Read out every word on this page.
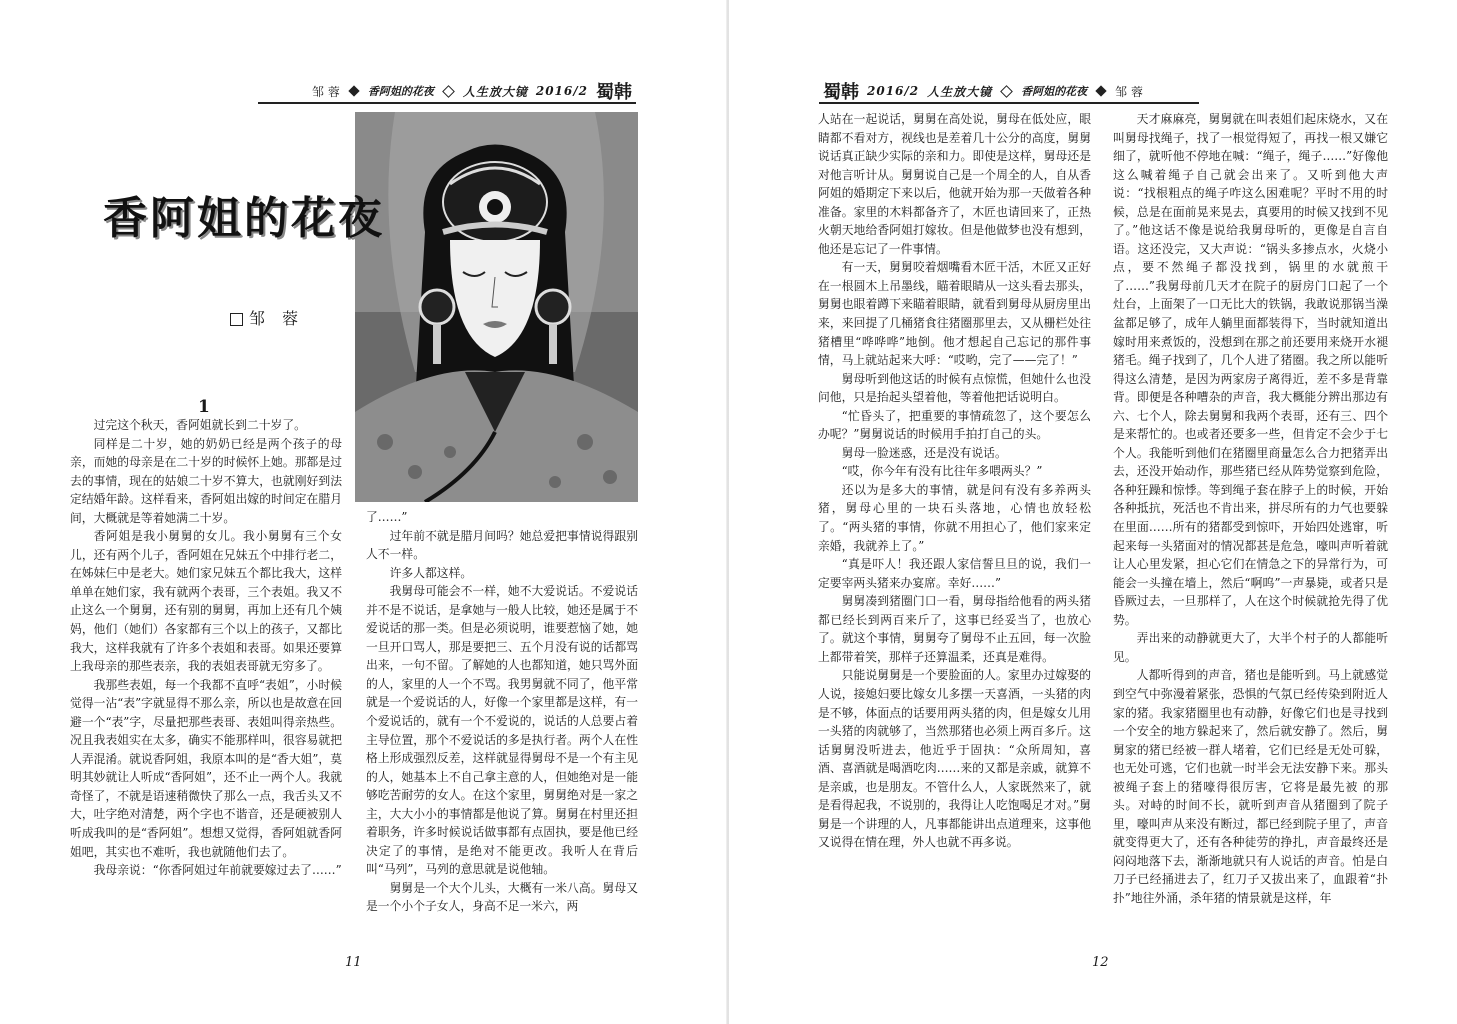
邹 蓉	香阿姐的花夜 人生放大镜 2016/2 蜀韩
香阿姐的花夜
邹 蓉
1

过完这个秋天，香阿姐就长到二十岁了。

同样是二十岁，她的奶奶已经是两个孩子的母亲，而她的母亲是在二十岁的时候怀上她。那都是过去的事情，现在的姑娘二十岁不算大，也就刚好到法定结婚年龄。这样看来，香阿姐出嫁的时间定在腊月间，大概就是等着她满二十岁。

香阿姐是我小舅舅的女儿。我小舅舅有三个女儿，还有两个儿子，香阿姐在兄妹五个中排行老二，在姊妹仨中是老大。她们家兄妹五个都比我大，这样单单在她们家，我有就两个表哥，三个表姐。我又不止这么一个舅舅，还有别的舅舅，再加上还有几个姨妈，他们（她们）各家都有三个以上的孩子，又都比我大，这样我就有了许多个表姐和表哥。如果还要算上我母亲的那些表亲，我的表姐表哥就无穷多了。

我那些表姐，每一个我都不直呼“表姐”，小时候觉得一沾“表”字就显得不那么亲，所以也是故意在回避一个“表”字，尽量把那些表哥、表姐叫得亲热些。况且我表姐实在太多，确实不能那样叫，很容易就把人弄混淆。就说香阿姐，我原本叫的是“香大姐”，莫明其妙就让人听成“香阿姐”，还不止一两个人。我就奇怪了，不就是语速稍微快了那么一点，我舌头又不大，吐字绝对清楚，两个字也不谐音，还是硬被别人听成我叫的是“香阿姐”。想想又觉得，香阿姐就香阿姐吧，其实也不难听，我也就随他们去了。

我母亲说：“你香阿姐过年前就要嫁过去了……”

了……”

过年前不就是腊月间吗？她总爱把事情说得跟别人不一样。

许多人都这样。

我舅母可能会不一样，她不大爱说话。不爱说话并不是不说话，是拿她与一般人比较，她还是属于不爱说话的那一类。但是必须说明，谁要惹恼了她，她一旦开口骂人，那是要把三、五个月没有说的话都骂出来，一句不留。了解她的人也都知道，她只骂外面的人，家里的人一个不骂。我男舅就不同了，他平常就是一个爱说话的人，好像一个家里都是这样，有一个爱说话的，就有一个不爱说的，说话的人总要占着主导位置，那个不爱说话的多是执行者。两个人在性格上形成强烈反差，这样就显得舅母不是一个有主见的人，她基本上不自己拿主意的人，但她绝对是一能够吃苦耐劳的女人。在这个家里，舅舅绝对是一家之主，大大小小的事情都是他说了算。舅舅在村里还担着职务，许多时候说话做事都有点固执，要是他已经决定了的事情，是绝对不能更改。我听人在背后叫“马列”，马列的意思就是说他轴。

舅舅是一个大个儿头，大概有一米八高。舅母又是一个小个子女人，身高不足一米六，两

11
蜀韩 2016/2 人生放大镜	香阿姐的花夜 邹 蓉

人站在一起说话，舅舅在高处说，舅母在低处应，眼睛都不看对方，视线也是差着几十公分的高度，舅舅说话真正缺少实际的亲和力。即使是这样，舅母还是对他言听计从。舅舅说自己是一个周全的人，自从香阿姐的婚期定下来以后，他就开始为那一天做着各种准备。家里的木料都备齐了，木匠也请回来了，正热火朝天地给香阿姐打嫁妆。但是他做梦也没有想到，他还是忘记了一件事情。

有一天，舅舅咬着烟嘴看木匠干活，木匠又正好在一根圆木上吊墨线，瞄着眼睛从一这头看去那头，舅舅也眼着蹲下来瞄着眼睛，就看到舅母从厨房里出来，来回提了几桶猪食往猪圈那里去，又从栅栏处往猪槽里“哗哗哗”地倒。他才想起自己忘记的那件事情，马上就站起来大呼：“哎哟，完了——完了！”

舅母听到他这话的时候有点惊慌，但她什么也没问他，只是抬起头望着他，等着他把话说明白。

“忙昏头了，把重要的事情疏忽了，这个要怎么办呢？”舅舅说话的时候用手拍打自己的头。

舅母一脸迷惑，还是没有说话。

“哎，你今年有没有比往年多喂两头？”

还以为是多大的事情，就是问有没有多养两头猪，舅母心里的一块石头落地，心情也放轻松了。“两头猪的事情，你就不用担心了，他们家来定亲婚，我就养上了。”

“真是吓人！我还跟人家信誓旦旦的说，我们一定要宰两头猪来办宴席。幸好……”

舅舅凑到猪圈门口一看，舅母指给他看的两头猪都已经长到两百来斤了，这事已经妥当了，也放心了。就这个事情，舅舅夸了舅母不止五回，每一次脸上都带着笑，那样子还算温柔，还真是难得。

只能说舅舅是一个要脸面的人。家里办过嫁娶的人说，接媳妇要比嫁女儿多摆一天喜酒，一头猪的肉是不够，体面点的话要用两头猪的肉，但是嫁女儿用一头猪的肉就够了，当然那猪也必须上两百多斤。这话舅舅没听进去，他近乎于固执：“众所周知，喜酒、喜酒就是喝酒吃肉……来的又都是亲戚，就算不是亲戚，也是朋友。不管什么人，人家既然来了，就是看得起我，不说别的，我得让人吃饱喝足才对。”舅舅是一个讲理的人，凡事都能讲出点道理来，这事他又说得在情在理，外人也就不再多说。

天才麻麻亮，舅舅就在叫表姐们起床烧水，又在叫舅母找绳子，找了一根觉得短了，再找一根又嫌它细了，就听他不停地在喊：“绳子，绳子……”好像他这么喊着绳子自己就会出来了。又听到他大声说：“找根粗点的绳子咋这么困难呢？平时不用的时候，总是在面前晃来晃去，真要用的时候又找到不见了。”他这话不像是说给我舅母听的，更像是自言自语。这还没完，又大声说：“锅头多掺点水，火烧小点，要不然绳子都没找到，锅里的水就煎干了……”我舅母前几天才在院子的厨房门口起了一个灶台，上面架了一口无比大的铁锅，我敢说那锅当澡盆都足够了，成年人躺里面都装得下，当时就知道出嫁时用来煮饭的，没想到在那之前还要用来烧开水褪猪毛。绳子找到了，几个人进了猪圈。我之所以能听得这么清楚，是因为两家房子离得近，差不多是背靠背。即便是各种嘈杂的声音，我大概能分辨出那边有六、七个人，除去舅舅和我两个表哥，还有三、四个是来帮忙的。也或者还要多一些，但肯定不会少于七个人。我能听到他们在猪圈里商量怎么合力把猪弄出去，还没开始动作，那些猪已经从阵势觉察到危险，各种狂躁和惊悸。等到绳子套在脖子上的时候，开始各种抵抗，死活也不肯出来，拼尽所有的力气也要躲在里面……所有的猪都受到惊吓，开始四处逃窜，听起来每一头猪面对的情况都甚是危急，嚎叫声听着就让人心里发紧，担心它们在情急之下的异常行为，可能会一头撞在墙上，然后“啊呜”一声暴毙，或者只是昏厥过去，一旦那样了，人在这个时候就抢先得了优势。

弄出来的动静就更大了，大半个村子的人都能听见。

人都听得到的声音，猪也是能听到。马上就感觉到空气中弥漫着紧张，恐惧的气氛已经传染到附近人家的猪。我家猪圈里也有动静，好像它们也是寻找到一个安全的地方躲起来了，然后就安静了。然后，舅舅家的猪已经被一群人堵着，它们已经是无处可躲，也无处可逃，它们也就一时半会无法安静下来。那头被绳子套上的猪嚎得很厉害，它将是最先被 的那头。对峙的时间不长，就听到声音从猪圈到了院子里，嚎叫声从来没有断过，都已经到院子里了，声音就变得更大了，还有各种徒劳的挣扎，声音最终还是闷闷地落下去，渐渐地就只有人说话的声音。怕是白刀子已经捅进去了，红刀子又拔出来了，血跟着“扑扑”地往外涌，杀年猪的情景就是这样，年

12
